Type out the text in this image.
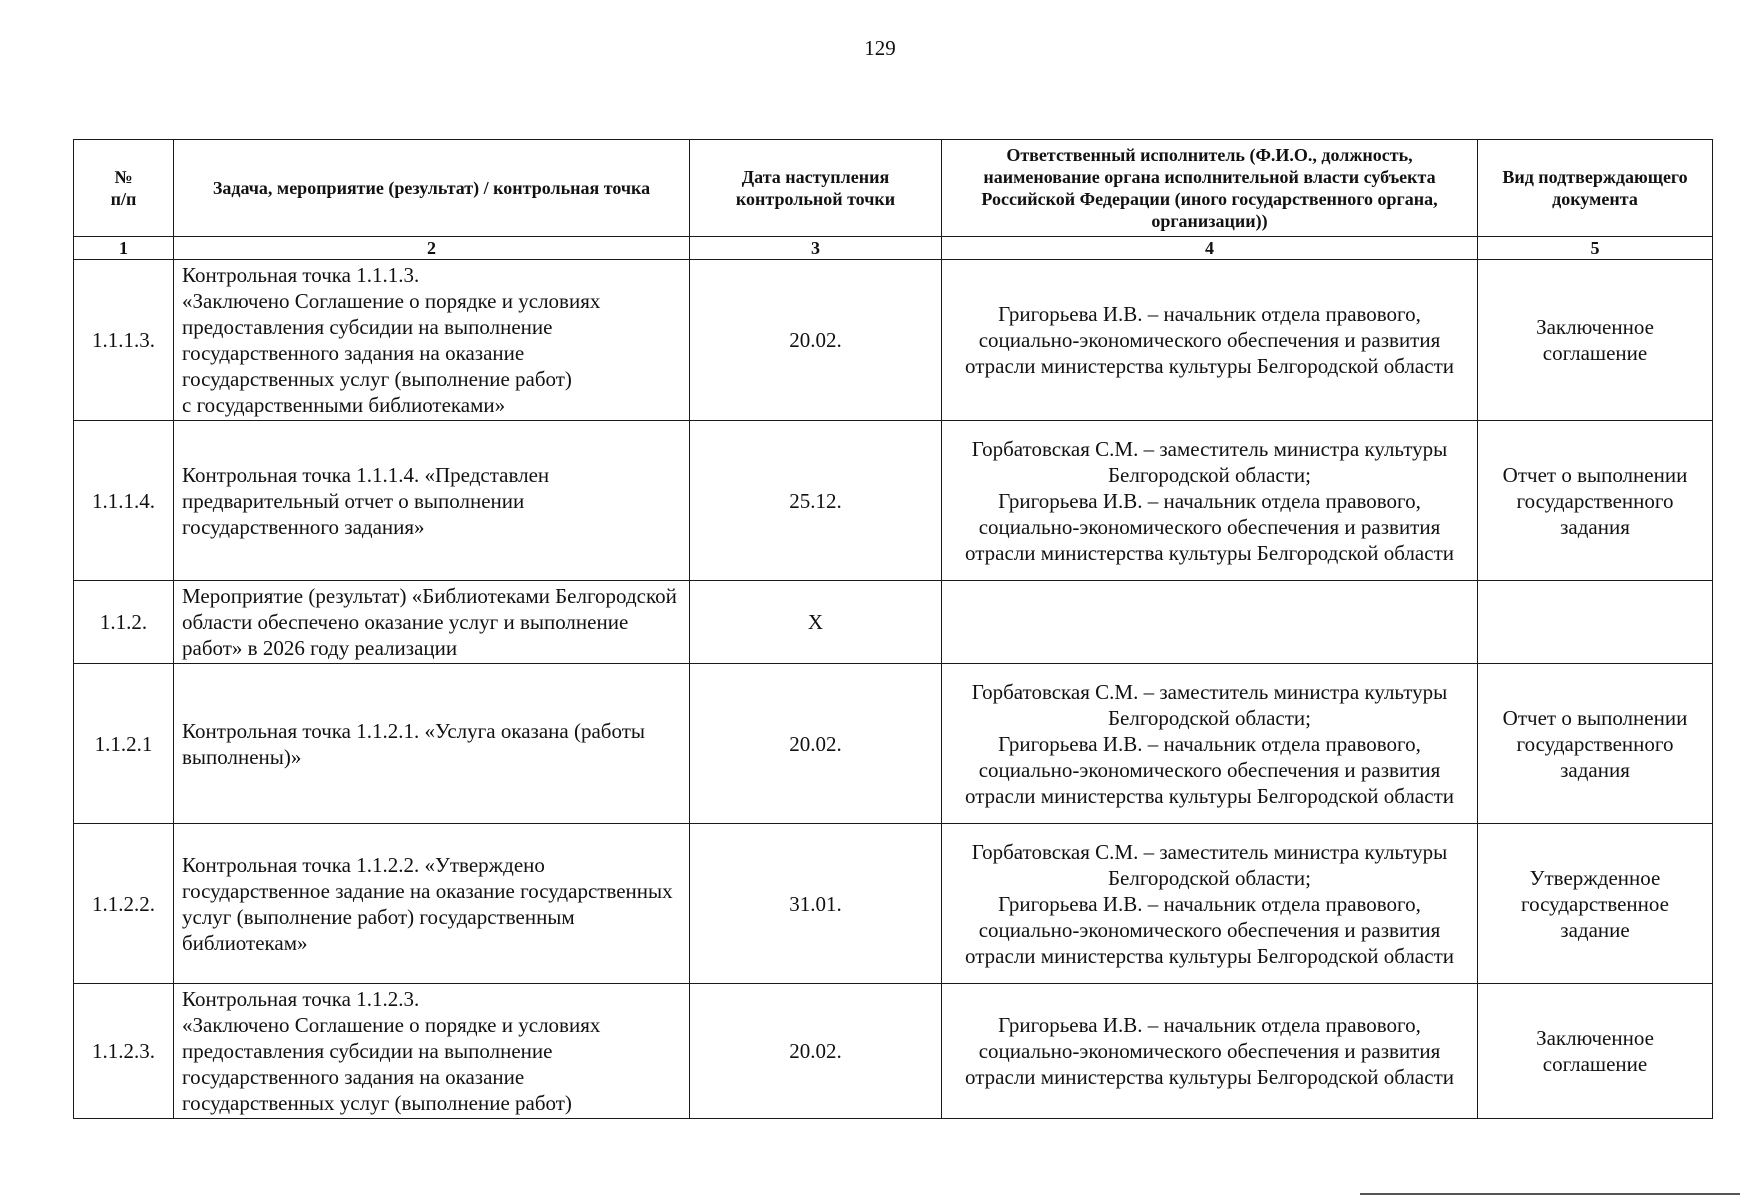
129
№
п/п	Задача, мероприятие (результат) / контрольная точка	Дата наступления контрольной точки	Ответственный исполнитель (Ф.И.О., должность, наименование органа исполнительной власти субъекта Российской Федерации (иного государственного органа, организации))	Вид подтверждающего документа
1	2	3	4	5
1.1.1.3.	Контрольная точка 1.1.1.3.
«Заключено Соглашение о порядке и условиях предоставления субсидии на выполнение государственного задания на оказание государственных услуг (выполнение работ)
с государственными библиотеками»	20.02.	Григорьева И.В. – начальник отдела правового, социально-экономического обеспечения и развития отрасли министерства культуры Белгородской области	Заключенное соглашение
1.1.1.4.	Контрольная точка 1.1.1.4. «Представлен предварительный отчет о выполнении государственного задания»	25.12.	Горбатовская С.М. – заместитель министра культуры Белгородской области;
Григорьева И.В. – начальник отдела правового, социально-экономического обеспечения и развития отрасли министерства культуры Белгородской области	Отчет о выполнении государственного задания
1.1.2.	Мероприятие (результат) «Библиотеками Белгородской области обеспечено оказание услуг и выполнение работ» в 2026 году реализации	Х		
1.1.2.1	Контрольная точка 1.1.2.1. «Услуга оказана (работы выполнены)»	20.02.	Горбатовская С.М. – заместитель министра культуры Белгородской области;
Григорьева И.В. – начальник отдела правового, социально-экономического обеспечения и развития отрасли министерства культуры Белгородской области	Отчет о выполнении государственного задания
1.1.2.2.	Контрольная точка 1.1.2.2. «Утверждено государственное задание на оказание государственных услуг (выполнение работ) государственным библиотекам»	31.01.	Горбатовская С.М. – заместитель министра культуры Белгородской области;
Григорьева И.В. – начальник отдела правового, социально-экономического обеспечения и развития отрасли министерства культуры Белгородской области	Утвержденное государственное задание
1.1.2.3.	Контрольная точка 1.1.2.3.
«Заключено Соглашение о порядке и условиях предоставления субсидии на выполнение государственного задания на оказание государственных услуг (выполнение работ)	20.02.	Григорьева И.В. – начальник отдела правового, социально-экономического обеспечения и развития отрасли министерства культуры Белгородской области	Заключенное соглашение
